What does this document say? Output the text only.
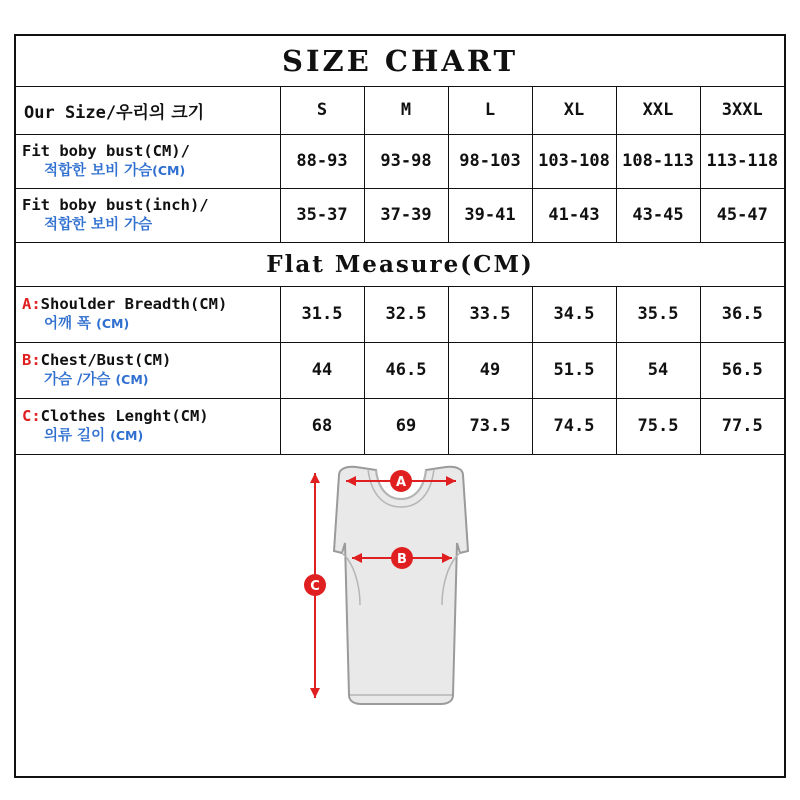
SIZE CHART						
Our Size/우리의 크기	S	M	L	XL	XXL	3XXL

Fit boby bust(CM)/
적합한 보비 가슴(CM)	88-93	93-98	98-103	103-108	108-113	113-118

Fit boby bust(inch)/
적합한 보비 가슴	35-37	37-39	39-41	41-43	43-45	45-47
Flat Measure(CM)						

A:Shoulder Breadth(CM)
어깨 폭 (CM)	31.5	32.5	33.5	34.5	35.5	36.5

B:Chest/Bust(CM)
가슴 /가슴 (CM)	44	46.5	49	51.5	54	56.5

C:Clothes Lenght(CM)
의류 길이 (CM)	68	69	73.5	74.5	75.5	77.5

A
B
C						
